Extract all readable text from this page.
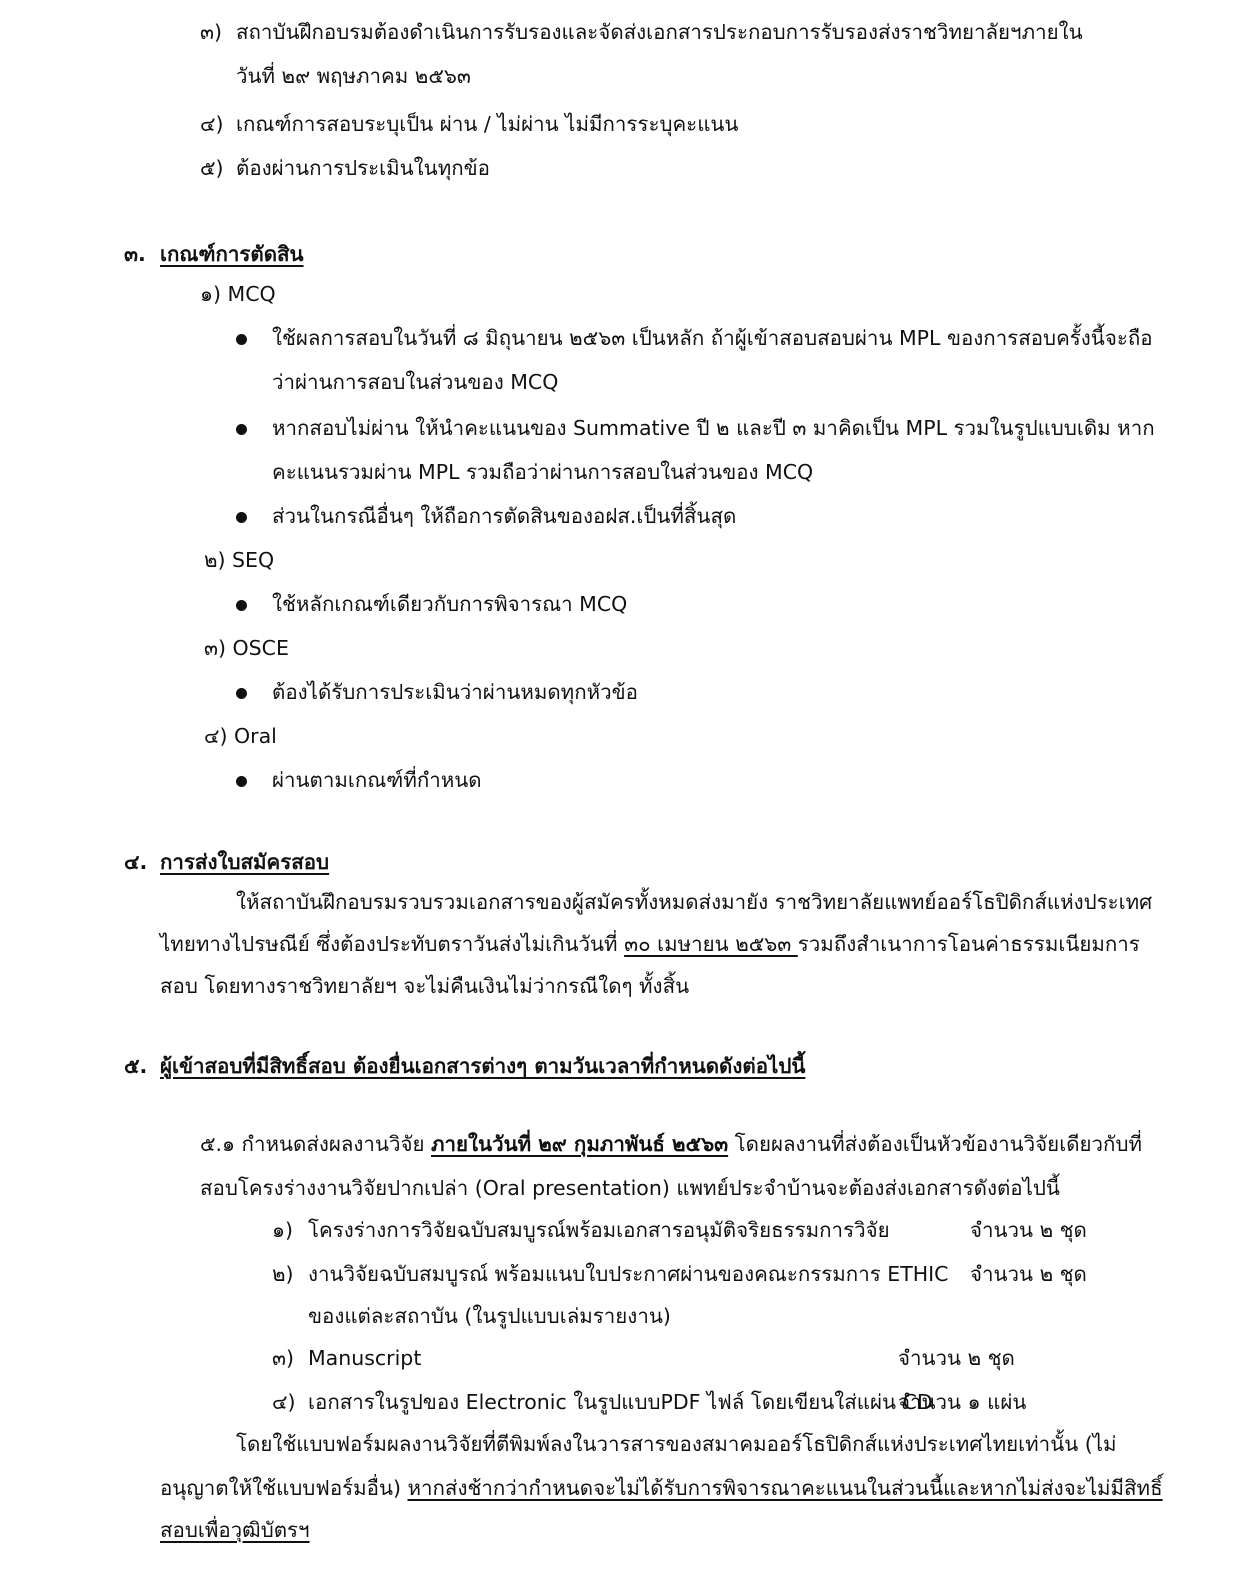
๓) สถาบันฝึกอบรมต้องดำเนินการรับรองและจัดส่งเอกสารประกอบการรับรองส่งราชวิทยาลัยฯภายใน
วันที่ ๒๙ พฤษภาคม ๒๕๖๓
๔) เกณฑ์การสอบระบุเป็น ผ่าน / ไม่ผ่าน ไม่มีการระบุคะแนน
๕) ต้องผ่านการประเมินในทุกข้อ
๓. เกณฑ์การตัดสิน
๑) MCQ
ใช้ผลการสอบในวันที่ ๘ มิถุนายน ๒๕๖๓ เป็นหลัก ถ้าผู้เข้าสอบสอบผ่าน MPL ของการสอบครั้งนี้จะถือ
ว่าผ่านการสอบในส่วนของ MCQ
หากสอบไม่ผ่าน ให้นำคะแนนของ Summative ปี ๒ และปี ๓ มาคิดเป็น MPL รวมในรูปแบบเดิม หาก
คะแนนรวมผ่าน MPL รวมถือว่าผ่านการสอบในส่วนของ MCQ
ส่วนในกรณีอื่นๆ ให้ถือการตัดสินของอฝส.เป็นที่สิ้นสุด
๒) SEQ
ใช้หลักเกณฑ์เดียวกับการพิจารณา MCQ
๓) OSCE
ต้องได้รับการประเมินว่าผ่านหมดทุกหัวข้อ
๔) Oral
ผ่านตามเกณฑ์ที่กำหนด
๔. การส่งใบสมัครสอบ
ให้สถาบันฝึกอบรมรวบรวมเอกสารของผู้สมัครทั้งหมดส่งมายัง ราชวิทยาลัยแพทย์ออร์โธปิดิกส์แห่งประเทศ
ไทยทางไปรษณีย์ ซึ่งต้องประทับตราวันส่งไม่เกินวันที่ ๓๐ เมษายน ๒๕๖๓ รวมถึงสำเนาการโอนค่าธรรมเนียมการ
สอบ โดยทางราชวิทยาลัยฯ จะไม่คืนเงินไม่ว่ากรณีใดๆ ทั้งสิ้น
๕. ผู้เข้าสอบที่มีสิทธิ์สอบ ต้องยื่นเอกสารต่างๆ ตามวันเวลาที่กำหนดดังต่อไปนี้
๕.๑ กำหนดส่งผลงานวิจัย ภายในวันที่ ๒๙ กุมภาพันธ์ ๒๕๖๓ โดยผลงานที่ส่งต้องเป็นหัวข้องานวิจัยเดียวกับที่
สอบโครงร่างงานวิจัยปากเปล่า (Oral presentation) แพทย์ประจำบ้านจะต้องส่งเอกสารดังต่อไปนี้
๑) โครงร่างการวิจัยฉบับสมบูรณ์พร้อมเอกสารอนุมัติจริยธรรมการวิจัย	จำนวน ๒ ชุด
๒) งานวิจัยฉบับสมบูรณ์ พร้อมแนบใบประกาศผ่านของคณะกรรมการ ETHIC จำนวน ๒ ชุด
ของแต่ละสถาบัน (ในรูปแบบเล่มรายงาน)
๓) Manuscript	จำนวน ๒ ชุด
๔) เอกสารในรูปของ Electronic ในรูปแบบPDF ไฟล์ โดยเขียนใส่แผ่น CD
จำนวน ๑ แผ่น
โดยใช้แบบฟอร์มผลงานวิจัยที่ตีพิมพ์ลงในวารสารของสมาคมออร์โธปิดิกส์แห่งประเทศไทยเท่านั้น (ไม่
อนุญาตให้ใช้แบบฟอร์มอื่น) หากส่งช้ากว่ากำหนดจะไม่ได้รับการพิจารณาคะแนนในส่วนนี้และหากไม่ส่งจะไม่มีสิทธิ์
สอบเพื่อวุฒิบัตรฯ
